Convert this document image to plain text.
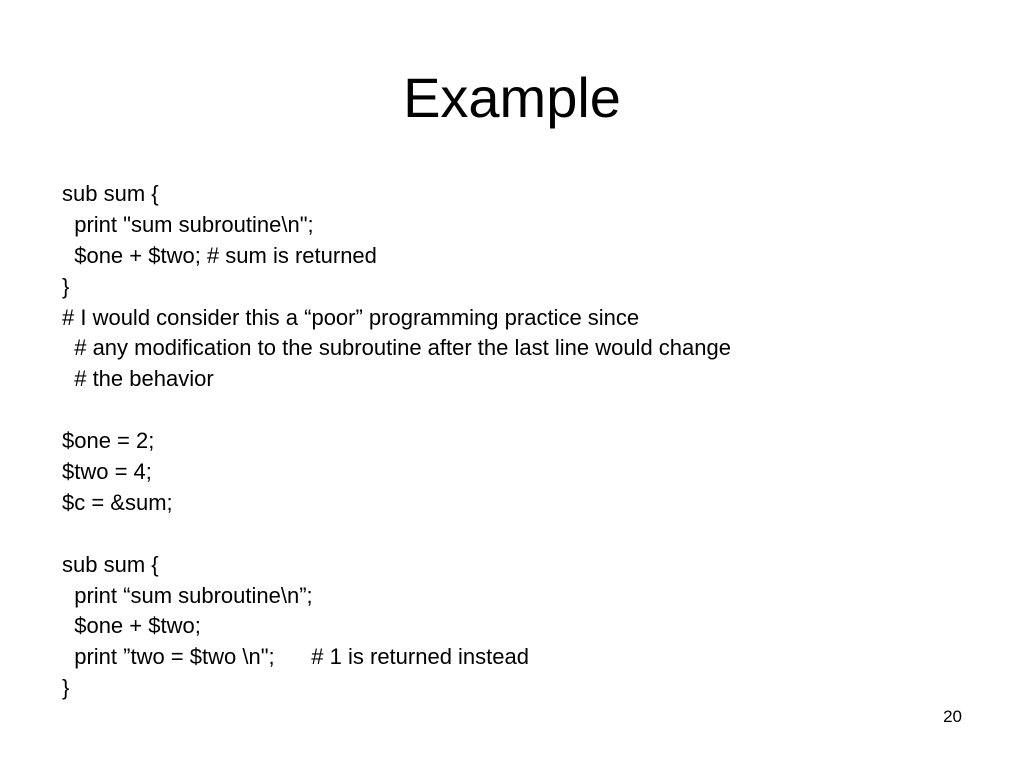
Example
sub sum {
print "sum subroutine\n";
$one + $two; # sum is returned
}
# I would consider this a “poor” programming practice since
# any modification to the subroutine after the last line would change
# the behavior
$one = 2;
$two = 4;
$c = &sum;
sub sum {
print “sum subroutine\n”;
$one + $two;
print ”two = $two \n";      # 1 is returned instead
}
20
